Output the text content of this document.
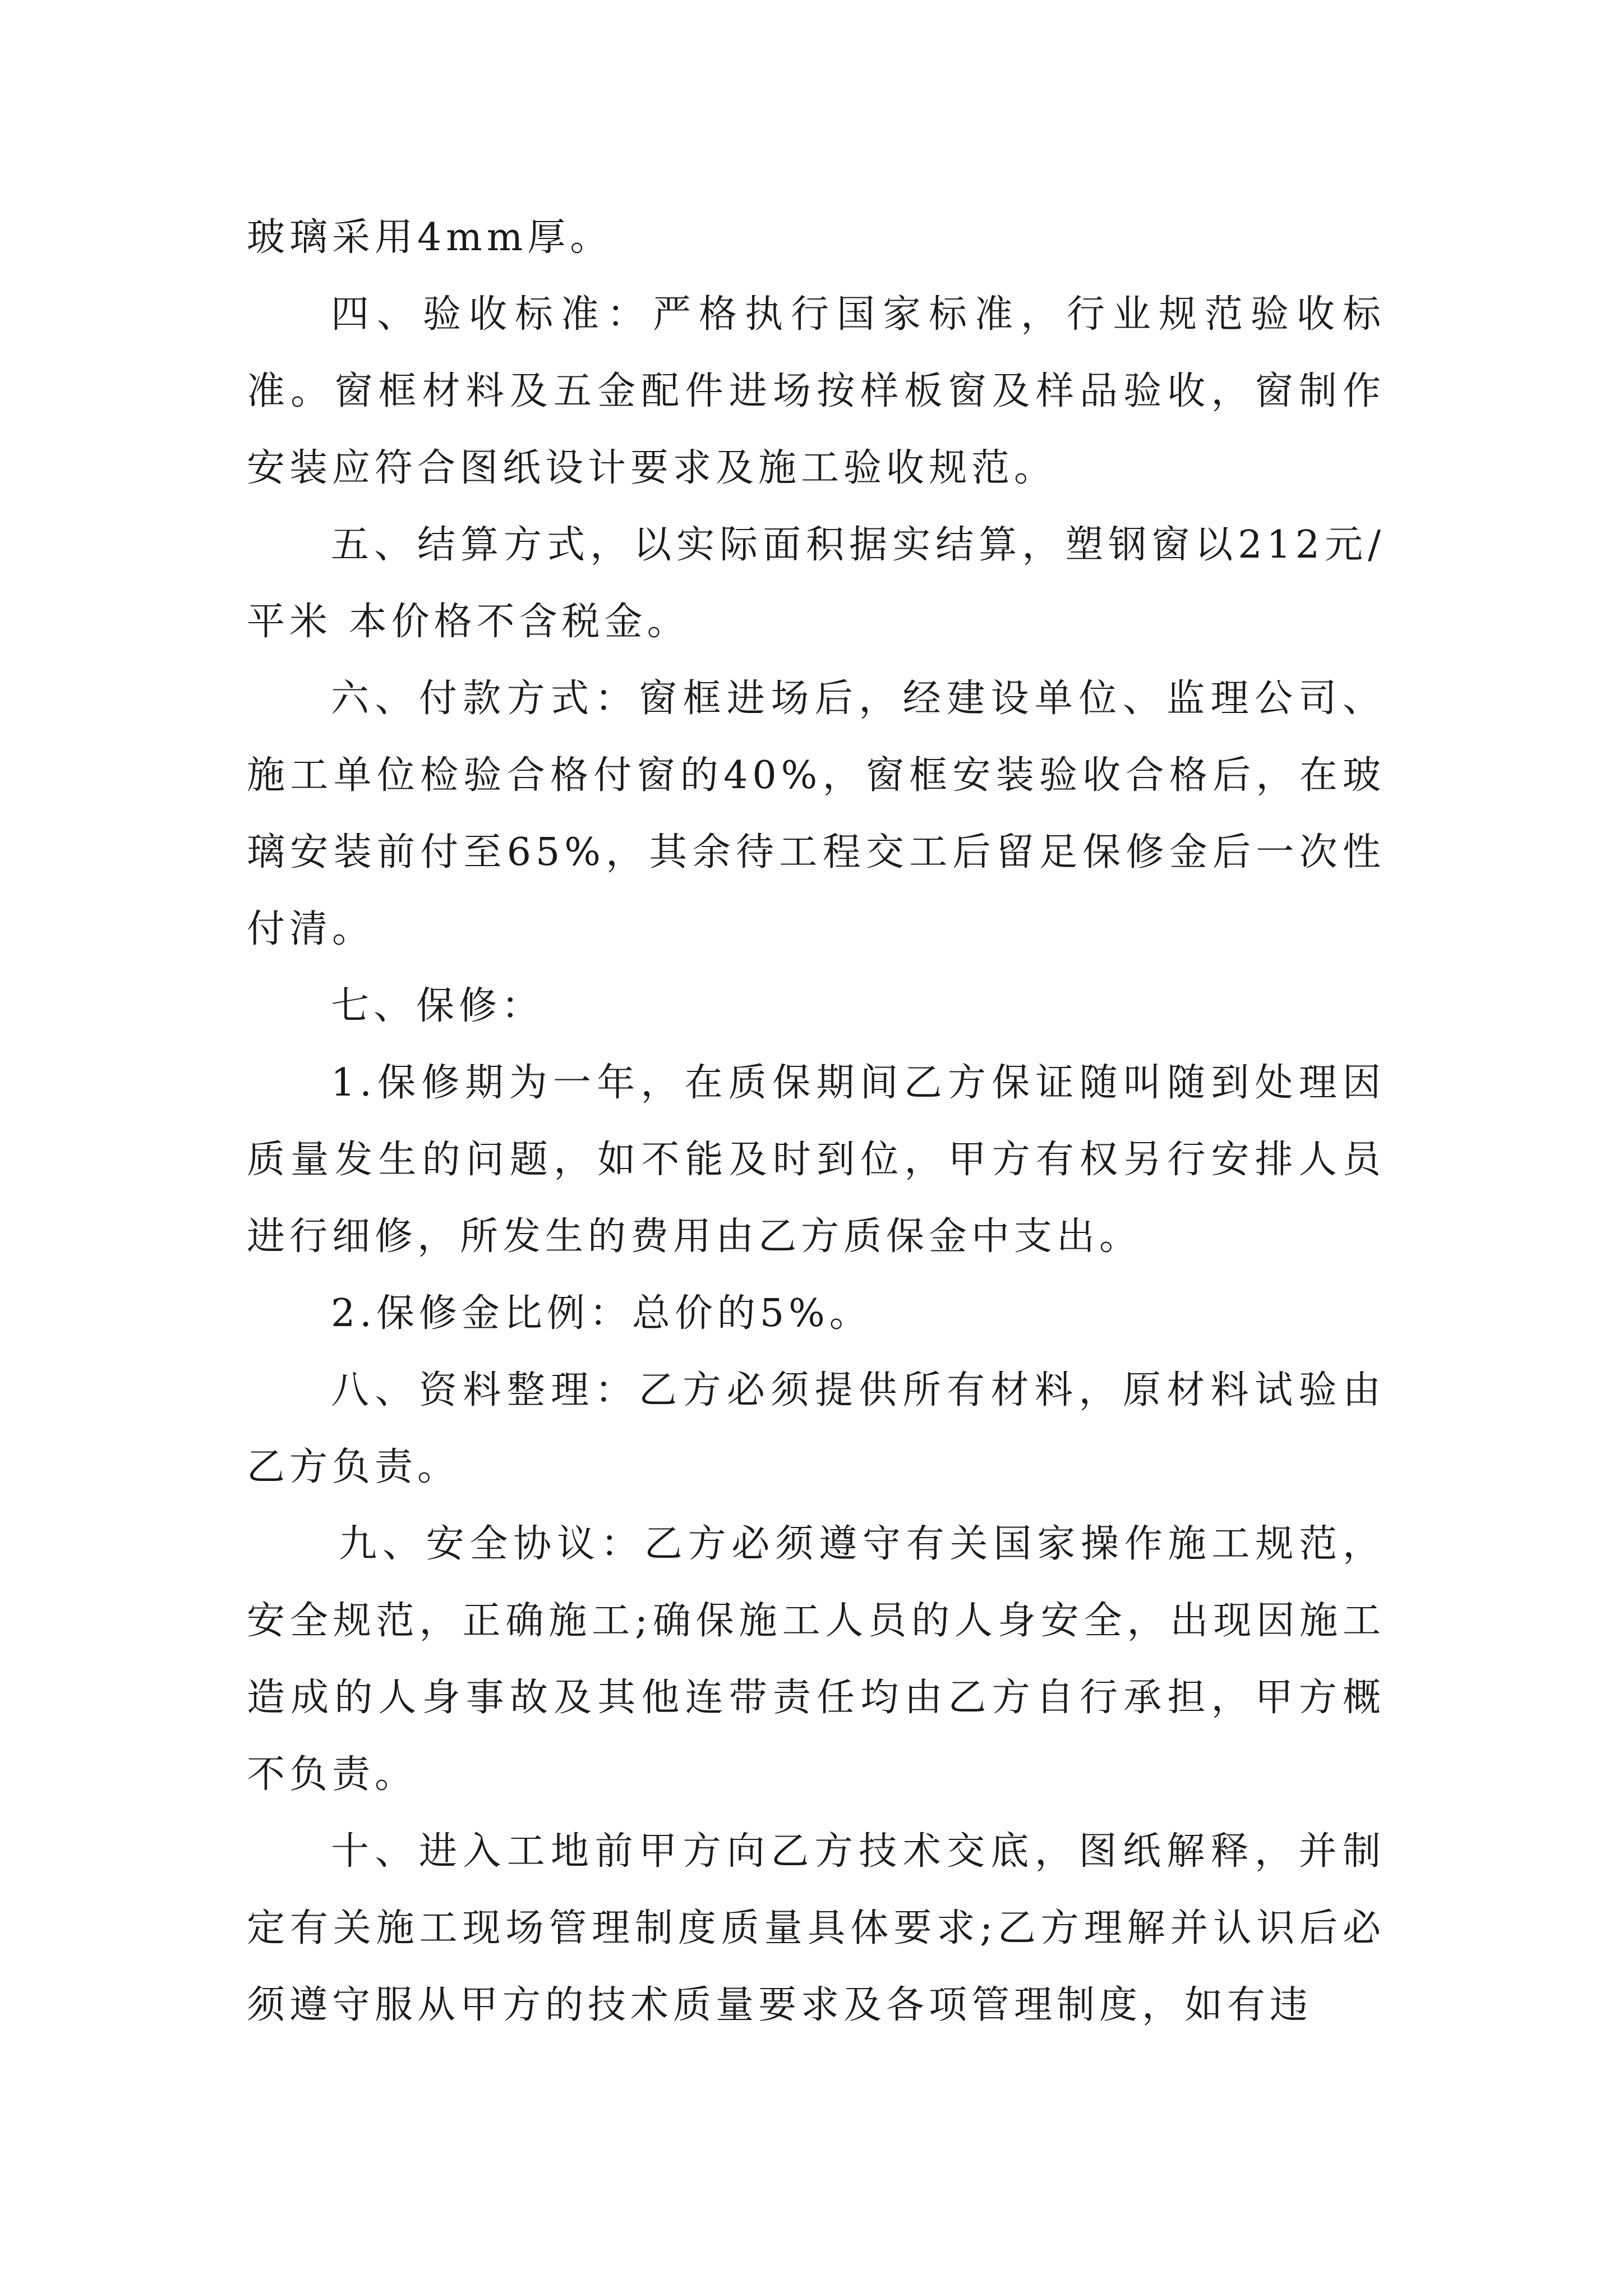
玻璃采用4mm厚。

四、验收标准：严格执行国家标准，行业规范验收标准。窗框材料及五金配件进场按样板窗及样品验收，窗制作安装应符合图纸设计要求及施工验收规范。

五、结算方式，以实际面积据实结算，塑钢窗以212元/平米 本价格不含税金。

六、付款方式：窗框进场后，经建设单位、监理公司、施工单位检验合格付窗的40%，窗框安装验收合格后，在玻璃安装前付至65%，其余待工程交工后留足保修金后一次性付清。

七、保修：

1.保修期为一年，在质保期间乙方保证随叫随到处理因质量发生的问题，如不能及时到位，甲方有权另行安排人员进行细修，所发生的费用由乙方质保金中支出。

2.保修金比例：总价的5%。

八、资料整理：乙方必须提供所有材料，原材料试验由乙方负责。

九、安全协议：乙方必须遵守有关国家操作施工规范，安全规范，正确施工;确保施工人员的人身安全，出现因施工造成的人身事故及其他连带责任均由乙方自行承担，甲方概不负责。

十、进入工地前甲方向乙方技术交底，图纸解释，并制定有关施工现场管理制度质量具体要求;乙方理解并认识后必须遵守服从甲方的技术质量要求及各项管理制度，如有违
